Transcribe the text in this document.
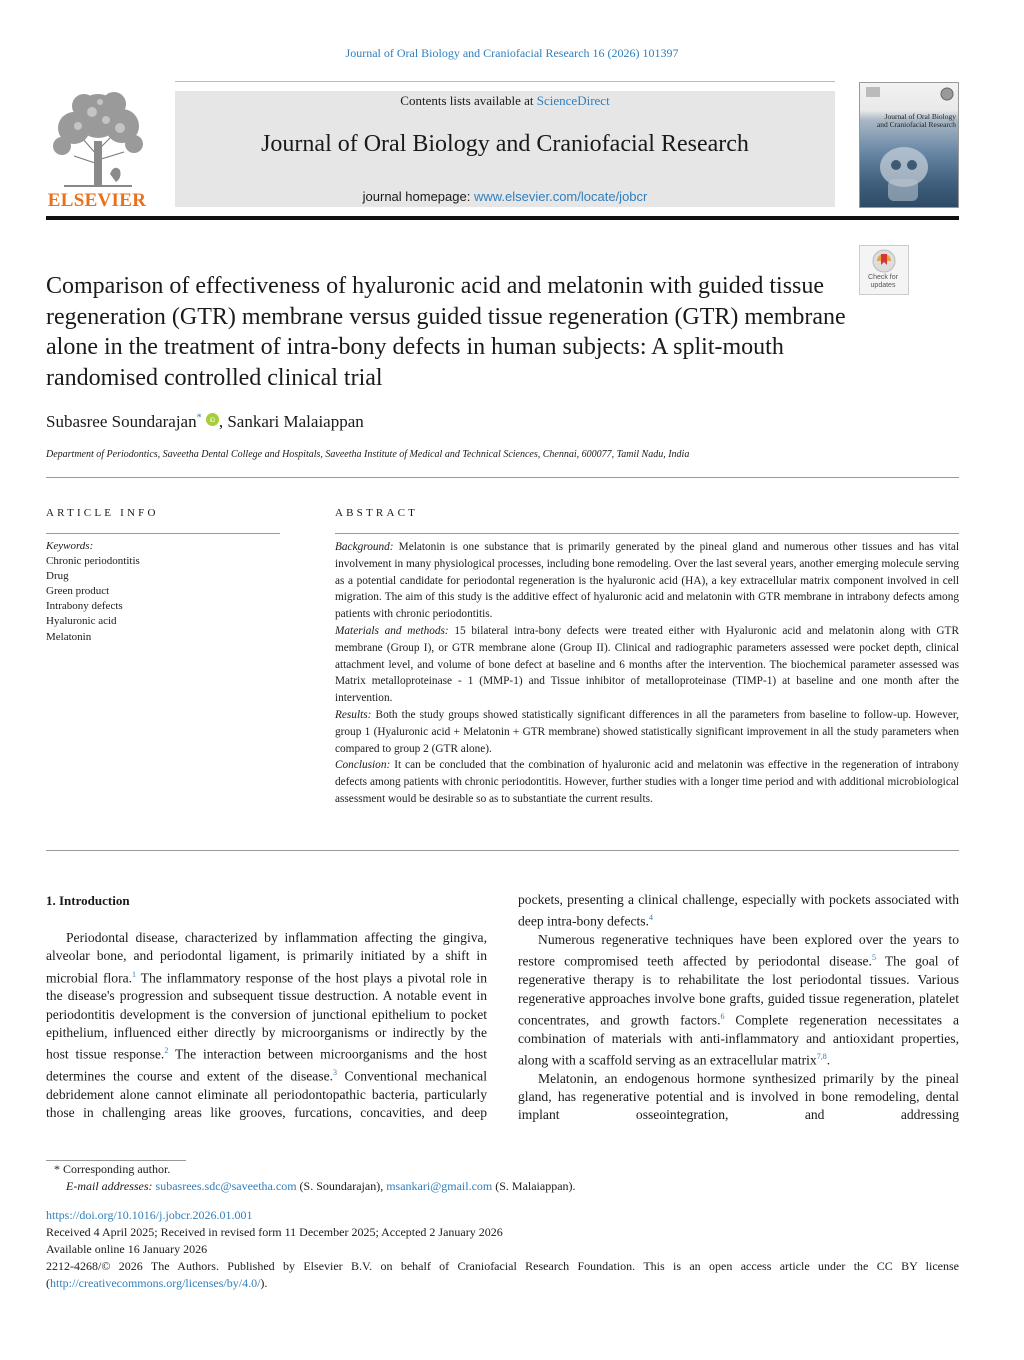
Journal of Oral Biology and Craniofacial Research 16 (2026) 101397
ELSEVIER
Contents lists available at ScienceDirect
Journal of Oral Biology and Craniofacial Research
journal homepage: www.elsevier.com/locate/jobcr
Journal of Oral Biology and Craniofacial Research
Check for updates
Comparison of effectiveness of hyaluronic acid and melatonin with guided tissue regeneration (GTR) membrane versus guided tissue regeneration (GTR) membrane alone in the treatment of intra-bony defects in human subjects: A split-mouth randomised controlled clinical trial
Subasree Soundarajan* iD , Sankari Malaiappan
Department of Periodontics, Saveetha Dental College and Hospitals, Saveetha Institute of Medical and Technical Sciences, Chennai, 600077, Tamil Nadu, India
ARTICLE INFO	ABSTRACT
Keywords:
Chronic periodontitis
Drug
Green product
Intrabony defects
Hyaluronic acid
Melatonin

Background: Melatonin is one substance that is primarily generated by the pineal gland and numerous other tissues and has vital involvement in many physiological processes, including bone remodeling. Over the last several years, another emerging molecule serving as a potential candidate for periodontal regeneration is the hyaluronic acid (HA), a key extracellular matrix component involved in cell migration. The aim of this study is the additive effect of hyaluronic acid and melatonin with GTR membrane in intrabony defects among patients with chronic periodontitis.

Materials and methods: 15 bilateral intra-bony defects were treated either with Hyaluronic acid and melatonin along with GTR membrane (Group I), or GTR membrane alone (Group II). Clinical and radiographic parameters assessed were pocket depth, clinical attachment level, and volume of bone defect at baseline and 6 months after the intervention. The biochemical parameter assessed was Matrix metalloproteinase - 1 (MMP-1) and Tissue inhibitor of metalloproteinase (TIMP-1) at baseline and one month after the intervention.

Results: Both the study groups showed statistically significant differences in all the parameters from baseline to follow-up. However, group 1 (Hyaluronic acid + Melatonin + GTR membrane) showed statistically significant improvement in all the study parameters when compared to group 2 (GTR alone).

Conclusion: It can be concluded that the combination of hyaluronic acid and melatonin was effective in the regeneration of intrabony defects among patients with chronic periodontitis. However, further studies with a longer time period and with additional microbiological assessment would be desirable so as to substantiate the current results.

1. Introduction

Periodontal disease, characterized by inflammation affecting the gingiva, alveolar bone, and periodontal ligament, is primarily initiated by a shift in microbial flora.$^1$ The inflammatory response of the host plays a pivotal role in the disease's progression and subsequent tissue destruction. A notable event in periodontitis development is the conversion of junctional epithelium to pocket epithelium, influenced either directly by microorganisms or indirectly by the host tissue response.$^2$ The interaction between microorganisms and the host determines the course and extent of the disease.$^3$ Conventional mechanical debridement alone cannot eliminate all periodontopathic bacteria, particularly those in challenging areas like grooves, furcations, concavities, and deep

pockets, presenting a clinical challenge, especially with pockets associated with deep intra-bony defects.$^4$

Numerous regenerative techniques have been explored over the years to restore compromised teeth affected by periodontal disease.$^5$ The goal of regenerative therapy is to rehabilitate the lost periodontal tissues. Various regenerative approaches involve bone grafts, guided tissue regeneration, platelet concentrates, and growth factors.$^6$ Complete regeneration necessitates a combination of materials with anti-inflammatory and antioxidant properties, along with a scaffold serving as an extracellular matrix$^{7,8}$.

Melatonin, an endogenous hormone synthesized primarily by the pineal gland, has regenerative potential and is involved in bone remodeling, dental implant osseointegration, and addressing

* Corresponding author.
E-mail addresses: subasrees.sdc@saveetha.com (S. Soundarajan), msankari@gmail.com (S. Malaiappan).
https://doi.org/10.1016/j.jobcr.2026.01.001
Received 4 April 2025; Received in revised form 11 December 2025; Accepted 2 January 2026
Available online 16 January 2026
2212-4268/© 2026 The Authors. Published by Elsevier B.V. on behalf of Craniofacial Research Foundation. This is an open access article under the CC BY license (http://creativecommons.org/licenses/by/4.0/).
